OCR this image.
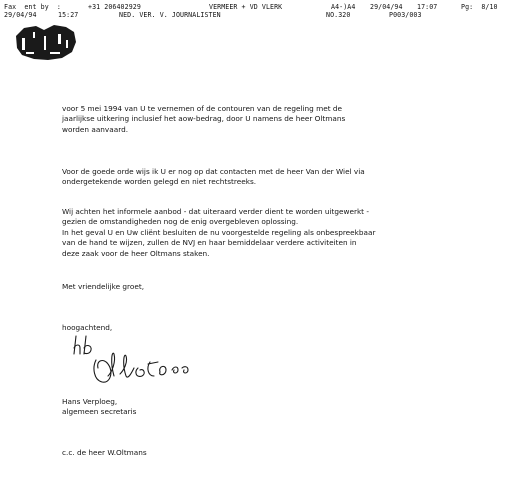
Fax  ent by  :

	+31 206402929

	VERMEER + VD VLERK

	A4-)A4

29/04/94

17:07

	Pg:  8/10

29/04/94

	15:27

	NED. VER. V. JOURNALISTEN

	NO.320

	P003/003

voor 5 mei 1994 van U te vernemen of de contouren van de regeling met de
jaarlijkse uitkering inclusief het aow-bedrag, door U namens de heer Oltmans
worden aanvaard.

Voor de goede orde wijs ik U er nog op dat contacten met de heer Van der Wiel via
ondergetekende worden gelegd en niet rechtstreeks.

Wij achten het informele aanbod - dat uiteraard verder dient te worden uitgewerkt -
gezien de omstandigheden nog de enig overgebleven oplossing.
In het geval U en Uw cliënt besluiten de nu voorgestelde regeling als onbespreekbaar
van de hand te wijzen, zullen de NVJ en haar bemiddelaar verdere activiteiten in
deze zaak voor de heer Oltmans staken.

Met vriendelijke groet,

hoogachtend,

Hans Verploeg,
algemeen secretaris

c.c. de heer W.Oltmans
